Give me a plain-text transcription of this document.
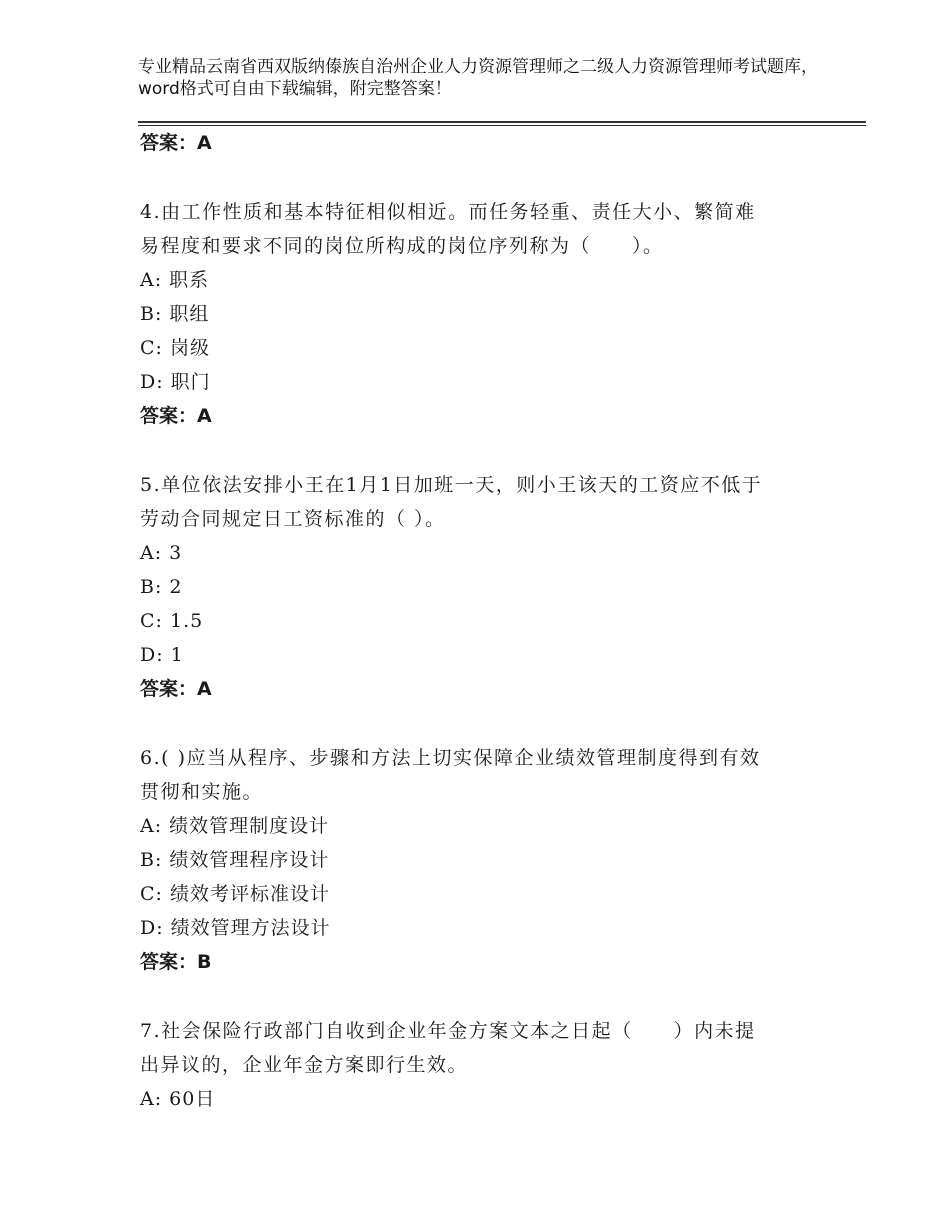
专业精品云南省西双版纳傣族自治州企业人力资源管理师之二级人力资源管理师考试题库，word格式可自由下载编辑，附完整答案！
答案：A
4.由工作性质和基本特征相似相近。而任务轻重、责任大小、繁简难
易程度和要求不同的岗位所构成的岗位序列称为（　　）。
A: 职系
B: 职组
C: 岗级
D: 职门
答案：A
5.单位依法安排小王在1月1日加班一天，则小王该天的工资应不低于
劳动合同规定日工资标准的（ ）。
A: 3
B: 2
C: 1.5
D: 1
答案：A
6.( )应当从程序、步骤和方法上切实保障企业绩效管理制度得到有效
贯彻和实施。
A: 绩效管理制度设计
B: 绩效管理程序设计
C: 绩效考评标准设计
D: 绩效管理方法设计
答案：B
7.社会保险行政部门自收到企业年金方案文本之日起（　　）内未提
出异议的，企业年金方案即行生效。
A: 60日
